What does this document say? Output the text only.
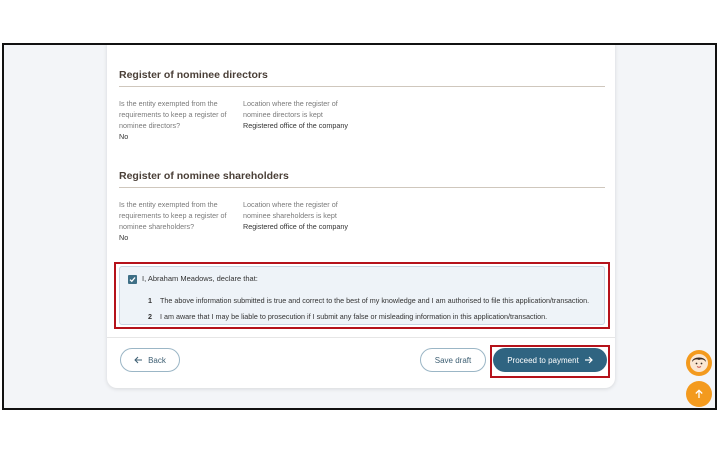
Register of nominee directors
Is the entity exempted from the
requirements to keep a register of
nominee directors?
No
Location where the register of
nominee directors is kept
Registered office of the company
Register of nominee shareholders
Is the entity exempted from the
requirements to keep a register of
nominee shareholders?
No
Location where the register of
nominee shareholders is kept
Registered office of the company
I, Abraham Meadows, declare that:
1 The above information submitted is true and correct to the best of my knowledge and I am authorised to file this application/transaction.
2 I am aware that I may be liable to prosecution if I submit any false or misleading information in this application/transaction.
Back	Save draft	Proceed to payment
